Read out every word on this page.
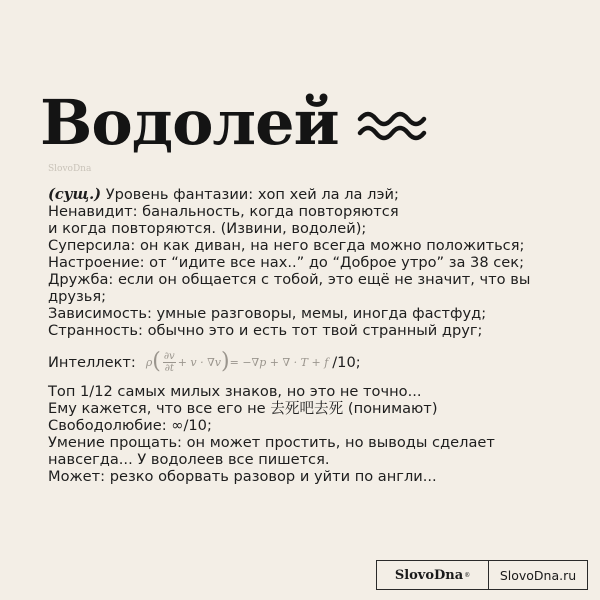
Водолей
SlovoDna
(сущ.) Уровень фантазии: хоп хей ла ла лэй;
Ненавидит: банальность, когда повторяются
и когда повторяются. (Извини, водолей);
Суперсила: он как диван, на него всегда можно положиться;
Настроение: от “идите все нах..” до “Доброе утро” за 38 сек;
Дружба: если он общается с тобой, это ещё не значит, что вы друзья;
Зависимость: умные разговоры, мемы, иногда фастфуд;
Странность: обычно это и есть тот твой странный друг;
Интеллект: ρ ( $\frac{\partial v}{\partial t} + v \cdot \nabla v$ ) = −∇p + ∇ · T + f /10;
Топ 1/12 самых милых знаков, но это не точно...
Ему кажется, что все его не 去死吧去死 (понимают)
Свободолюбие: ∞/10;
Умение прощать: он может простить, но выводы сделает
навсегда... У водолеев все пишется.
Может: резко оборвать разовор и уйти по англи...
SlovoDna ®	SlovoDna.ru
